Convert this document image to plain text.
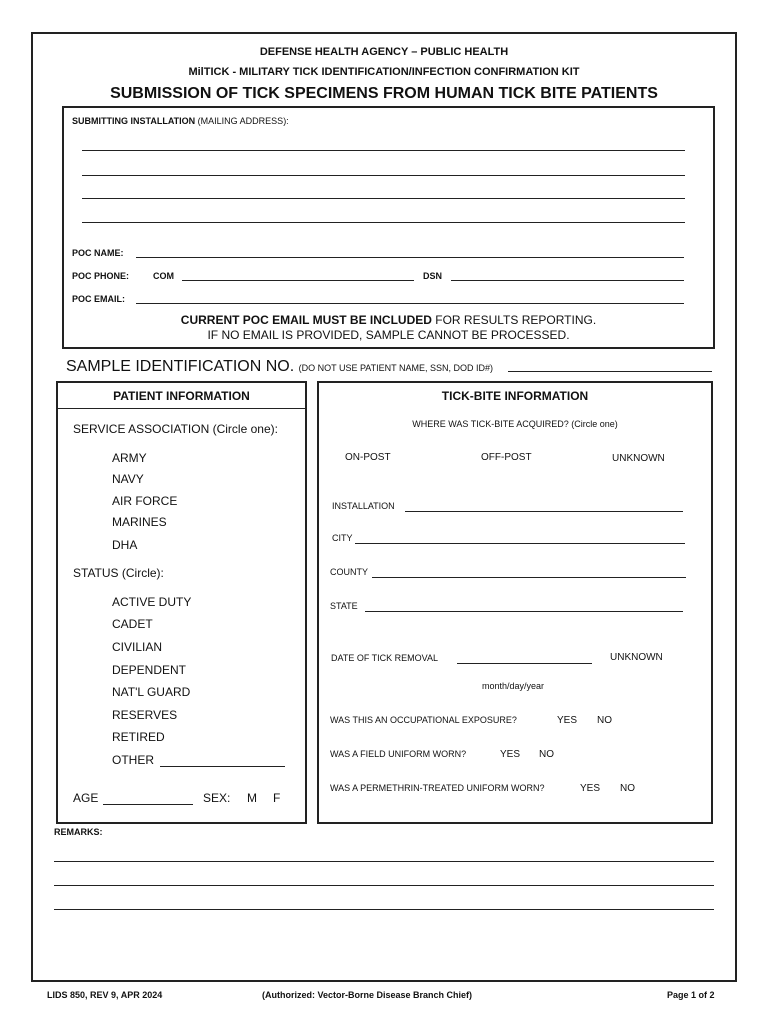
DEFENSE HEALTH AGENCY – PUBLIC HEALTH
MilTICK - MILITARY TICK IDENTIFICATION/INFECTION CONFIRMATION KIT
SUBMISSION OF TICK SPECIMENS FROM HUMAN TICK BITE PATIENTS
SUBMITTING INSTALLATION (MAILING ADDRESS):
POC NAME:
POC PHONE:	COM	DSN
POC EMAIL:
CURRENT POC EMAIL MUST BE INCLUDED FOR RESULTS REPORTING.
IF NO EMAIL IS PROVIDED, SAMPLE CANNOT BE PROCESSED.
SAMPLE IDENTIFICATION NO. (DO NOT USE PATIENT NAME, SSN, DOD ID#)
PATIENT INFORMATION
SERVICE ASSOCIATION (Circle one):
ARMY
NAVY
AIR FORCE
MARINES
DHA
STATUS (Circle):
ACTIVE DUTY
CADET
CIVILIAN
DEPENDENT
NAT'L GUARD
RESERVES
RETIRED
OTHER
AGE	SEX: M F
TICK-BITE INFORMATION
WHERE WAS TICK-BITE ACQUIRED? (Circle one)
ON-POST	OFF-POST	UNKNOWN
INSTALLATION
CITY
COUNTY
STATE
DATE OF TICK REMOVAL	UNKNOWN
month/day/year
WAS THIS AN OCCUPATIONAL EXPOSURE?	YES NO
WAS A FIELD UNIFORM WORN?	YES NO
WAS A PERMETHRIN-TREATED UNIFORM WORN?	YES NO
REMARKS:
LIDS 850, REV 9, APR 2024	(Authorized: Vector-Borne Disease Branch Chief)	Page 1 of 2
